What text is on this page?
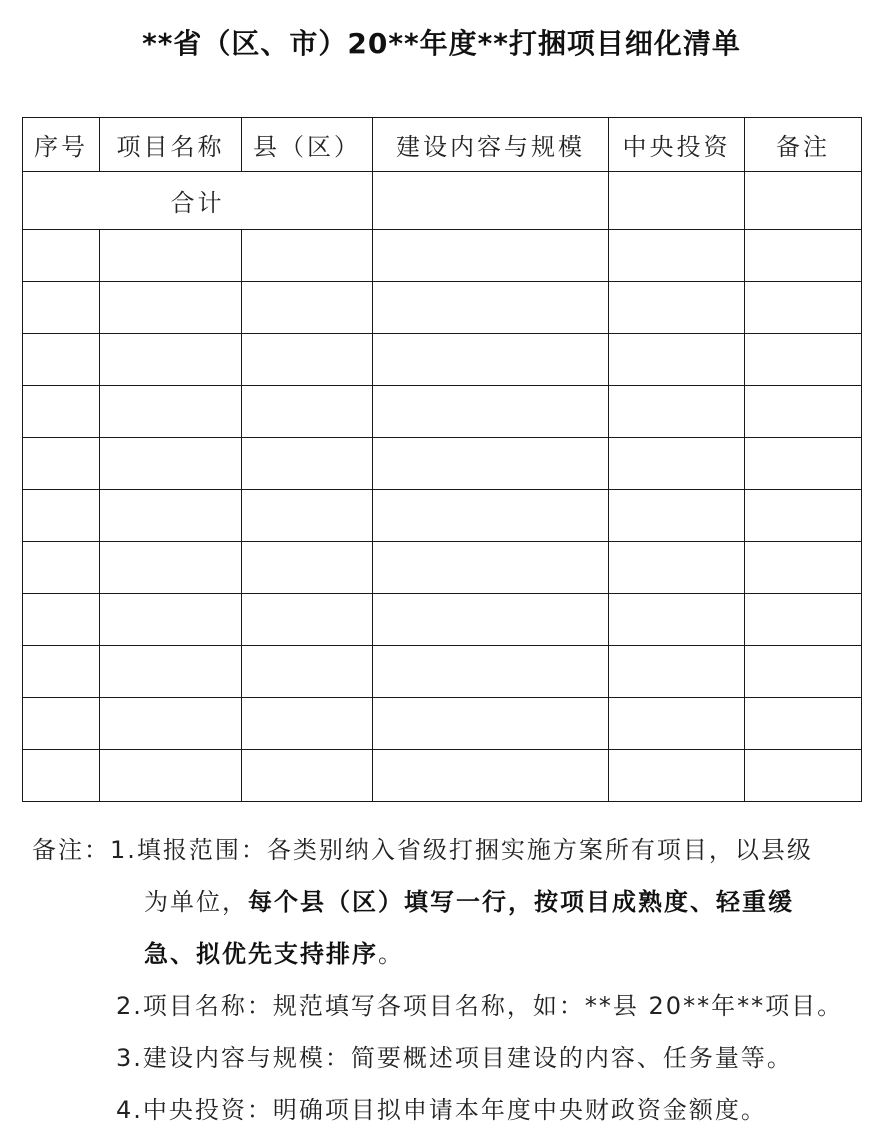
**省（区、市）20**年度**打捆项目细化清单
序号	项目名称	县（区）	建设内容与规模	中央投资	备注
合计					

备注：1.填报范围：各类别纳入省级打捆实施方案所有项目，以县级
为单位，每个县（区）填写一行，按项目成熟度、轻重缓
急、拟优先支持排序。
2.项目名称：规范填写各项目名称，如：**县 20**年**项目。
3.建设内容与规模：简要概述项目建设的内容、任务量等。
4.中央投资：明确项目拟申请本年度中央财政资金额度。
